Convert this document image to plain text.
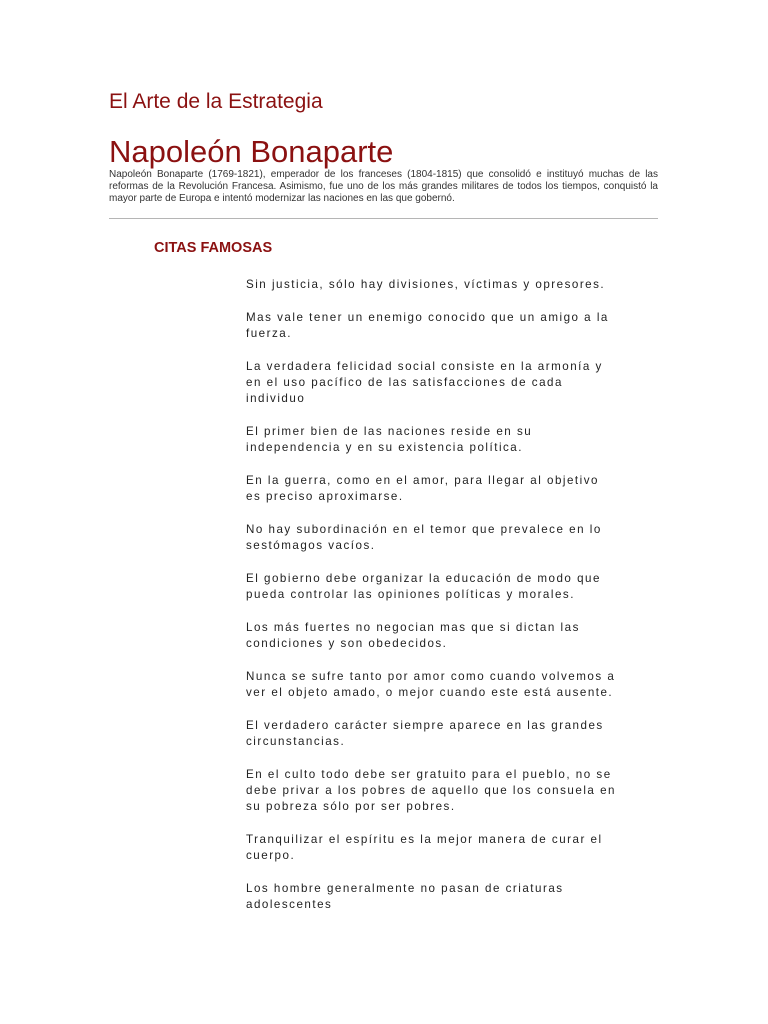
El Arte de la Estrategia
Napoleón Bonaparte

Napoleón Bonaparte (1769-1821), emperador de los franceses (1804-1815) que consolidó e instituyó muchas de las reformas de la Revolución Francesa. Asimismo, fue uno de los más grandes militares de todos los tiempos, conquistó la mayor parte de Europa e intentó modernizar las naciones en las que gobernó.

CITAS FAMOSAS
Sin justicia, sólo hay divisiones, víctimas y opresores.
Mas vale tener un enemigo conocido que un amigo a la fuerza.
La verdadera felicidad social consiste en la armonía y en el uso pacífico de las satisfacciones de cada individuo
El primer bien de las naciones reside en su independencia y en su existencia política.
En la guerra, como en el amor, para llegar al objetivo es preciso aproximarse.
No hay subordinación en el temor que prevalece en lo sestómagos vacíos.
El gobierno debe organizar la educación de modo que pueda controlar las opiniones políticas y morales.
Los más fuertes no negocian mas que si dictan las condiciones y son obedecidos.
Nunca se sufre tanto por amor como cuando volvemos a ver el objeto amado, o mejor cuando este está ausente.
El verdadero carácter siempre aparece en las grandes circunstancias.
En el culto todo debe ser gratuito para el pueblo, no se debe privar a los pobres de aquello que los consuela en su pobreza sólo por ser pobres.
Tranquilizar el espíritu es la mejor manera de curar el cuerpo.
Los hombre generalmente no pasan de criaturas adolescentes
